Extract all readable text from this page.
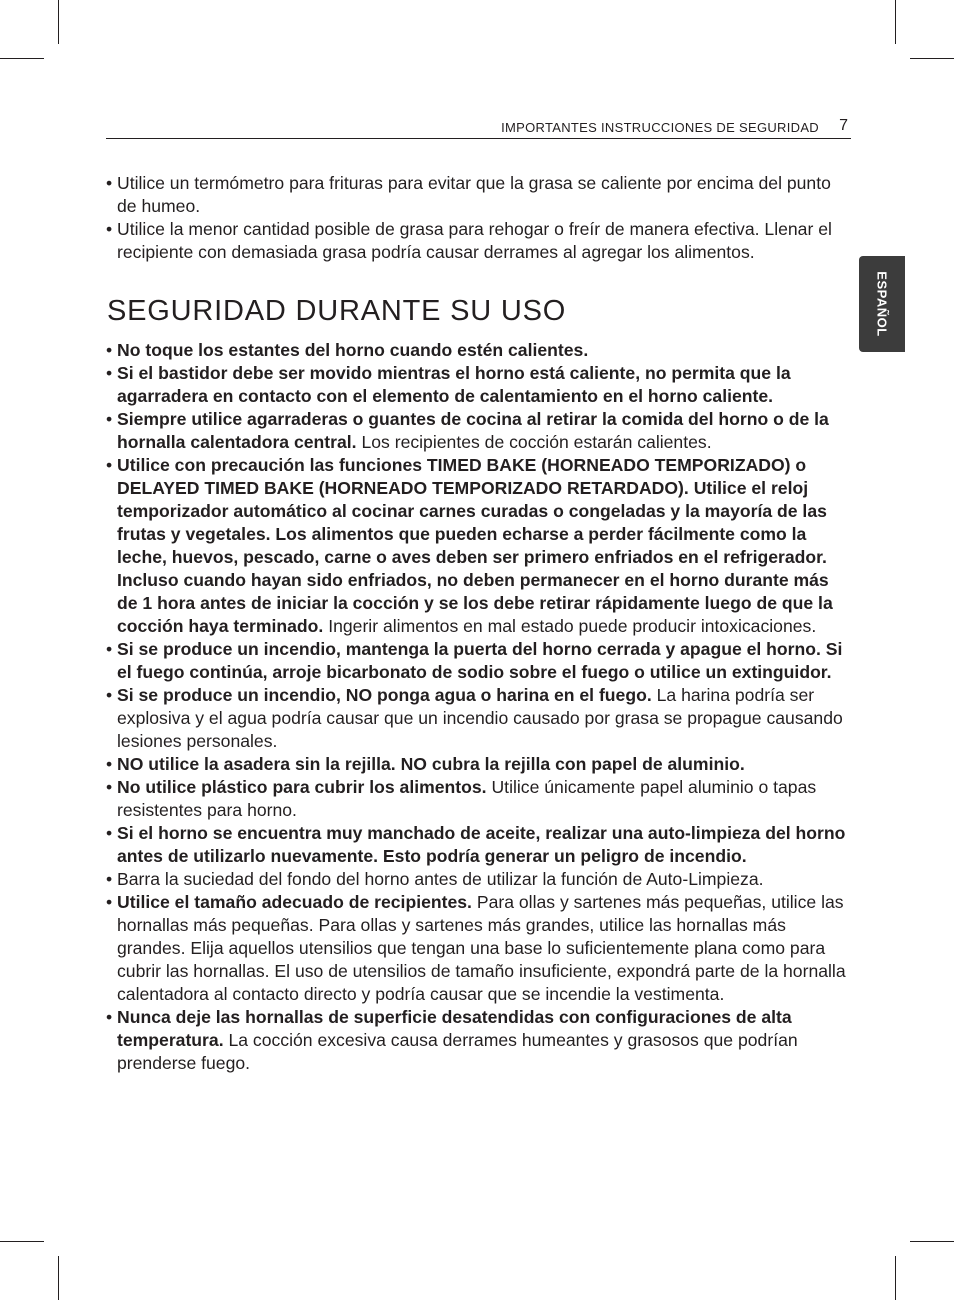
IMPORTANTES INSTRUCCIONES DE SEGURIDAD 7
ESPAÑOL
• Utilice un termómetro para frituras para evitar que la grasa se caliente por encima del punto de humeo.
• Utilice la menor cantidad posible de grasa para rehogar o freír de manera efectiva. Llenar el recipiente con demasiada grasa podría causar derrames al agregar los alimentos.
SEGURIDAD DURANTE SU USO
• No toque los estantes del horno cuando estén calientes.
• Si el bastidor debe ser movido mientras el horno está caliente, no permita que la agarradera en contacto con el elemento de calentamiento en el horno caliente.
• Siempre utilice agarraderas o guantes de cocina al retirar la comida del horno o de la hornalla calentadora central. Los recipientes de cocción estarán calientes.
• Utilice con precaución las funciones TIMED BAKE (HORNEADO TEMPORIZADO) o DELAYED TIMED BAKE (HORNEADO TEMPORIZADO RETARDADO). Utilice el reloj temporizador automático al cocinar carnes curadas o congeladas y la mayoría de las frutas y vegetales. Los alimentos que pueden echarse a perder fácilmente como la leche, huevos, pescado, carne o aves deben ser primero enfriados en el refrigerador. Incluso cuando hayan sido enfriados, no deben permanecer en el horno durante más de 1 hora antes de iniciar la cocción y se los debe retirar rápidamente luego de que la cocción haya terminado. Ingerir alimentos en mal estado puede producir intoxicaciones.
• Si se produce un incendio, mantenga la puerta del horno cerrada y apague el horno. Si el fuego continúa, arroje bicarbonato de sodio sobre el fuego o utilice un extinguidor.
• Si se produce un incendio, NO ponga agua o harina en el fuego. La harina podría ser explosiva y el agua podría causar que un incendio causado por grasa se propague causando lesiones personales.
• NO utilice la asadera sin la rejilla. NO cubra la rejilla con papel de aluminio.
• No utilice plástico para cubrir los alimentos. Utilice únicamente papel aluminio o tapas resistentes para horno.
• Si el horno se encuentra muy manchado de aceite, realizar una auto-limpieza del horno antes de utilizarlo nuevamente. Esto podría generar un peligro de incendio.
• Barra la suciedad del fondo del horno antes de utilizar la función de Auto-Limpieza.
• Utilice el tamaño adecuado de recipientes. Para ollas y sartenes más pequeñas, utilice las hornallas más pequeñas. Para ollas y sartenes más grandes, utilice las hornallas más grandes. Elija aquellos utensilios que tengan una base lo suficientemente plana como para cubrir las hornallas. El uso de utensilios de tamaño insuficiente, expondrá parte de la hornalla calentadora al contacto directo y podría causar que se incendie la vestimenta.
• Nunca deje las hornallas de superficie desatendidas con configuraciones de alta temperatura. La cocción excesiva causa derrames humeantes y grasosos que podrían prenderse fuego.
